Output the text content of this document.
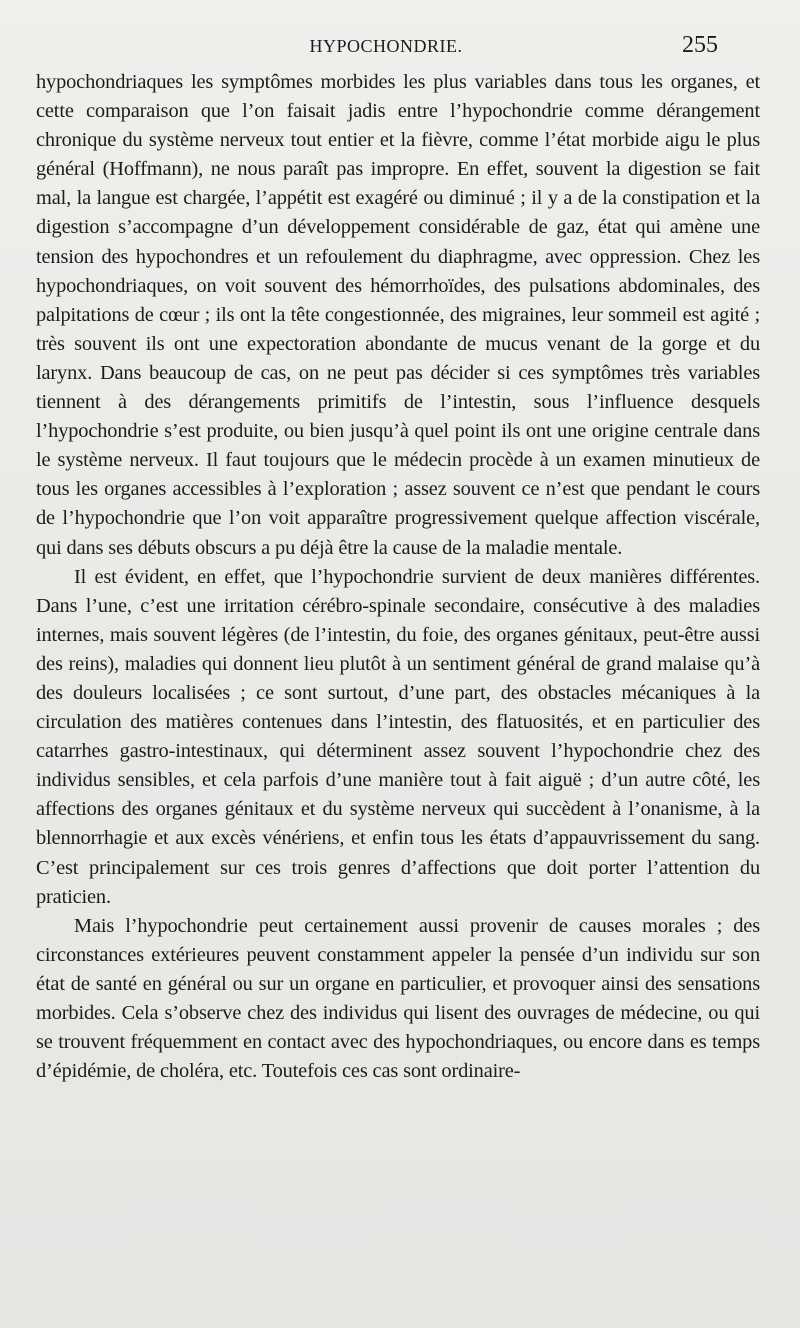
HYPOCHONDRIE.	255

hypochondriaques les symptômes morbides les plus variables dans tous les organes, et cette comparaison que l’on faisait jadis entre l’hypochondrie comme dérangement chronique du système nerveux tout entier et la fièvre, comme l’état morbide aigu le plus général (Hoffmann), ne nous paraît pas impropre. En effet, souvent la digestion se fait mal, la langue est chargée, l’appétit est exagéré ou diminué ; il y a de la constipation et la digestion s’accompagne d’un développement considérable de gaz, état qui amène une tension des hypochondres et un refoulement du diaphragme, avec oppression. Chez les hypochondriaques, on voit souvent des hémorrhoïdes, des pulsations abdominales, des palpitations de cœur ; ils ont la tête congestionnée, des migraines, leur sommeil est agité ; très souvent ils ont une expectoration abondante de mucus venant de la gorge et du larynx. Dans beaucoup de cas, on ne peut pas décider si ces symptômes très variables tiennent à des dérangements primitifs de l’intestin, sous l’influence desquels l’hypochondrie s’est produite, ou bien jusqu’à quel point ils ont une origine centrale dans le système nerveux. Il faut toujours que le médecin procède à un examen minutieux de tous les organes accessibles à l’exploration ; assez souvent ce n’est que pendant le cours de l’hypochondrie que l’on voit apparaître progressivement quelque affection viscérale, qui dans ses débuts obscurs a pu déjà être la cause de la maladie mentale.

Il est évident, en effet, que l’hypochondrie survient de deux manières différentes. Dans l’une, c’est une irritation cérébro-spinale secondaire, consécutive à des maladies internes, mais souvent légères (de l’intestin, du foie, des organes génitaux, peut-être aussi des reins), maladies qui donnent lieu plutôt à un sentiment général de grand malaise qu’à des douleurs localisées ; ce sont surtout, d’une part, des obstacles mécaniques à la circulation des matières contenues dans l’intestin, des flatuosités, et en particulier des catarrhes gastro-intestinaux, qui déterminent assez souvent l’hypochondrie chez des individus sensibles, et cela parfois d’une manière tout à fait aiguë ; d’un autre côté, les affections des organes génitaux et du système nerveux qui succèdent à l’onanisme, à la blennorrhagie et aux excès vénériens, et enfin tous les états d’appauvrissement du sang. C’est principalement sur ces trois genres d’affections que doit porter l’attention du praticien.

Mais l’hypochondrie peut certainement aussi provenir de causes morales ; des circonstances extérieures peuvent constamment appeler la pensée d’un individu sur son état de santé en général ou sur un organe en particulier, et provoquer ainsi des sensations morbides. Cela s’observe chez des individus qui lisent des ouvrages de médecine, ou qui se trouvent fréquemment en contact avec des hypochondriaques, ou encore dans es temps d’épidémie, de choléra, etc. Toutefois ces cas sont ordinaire-
